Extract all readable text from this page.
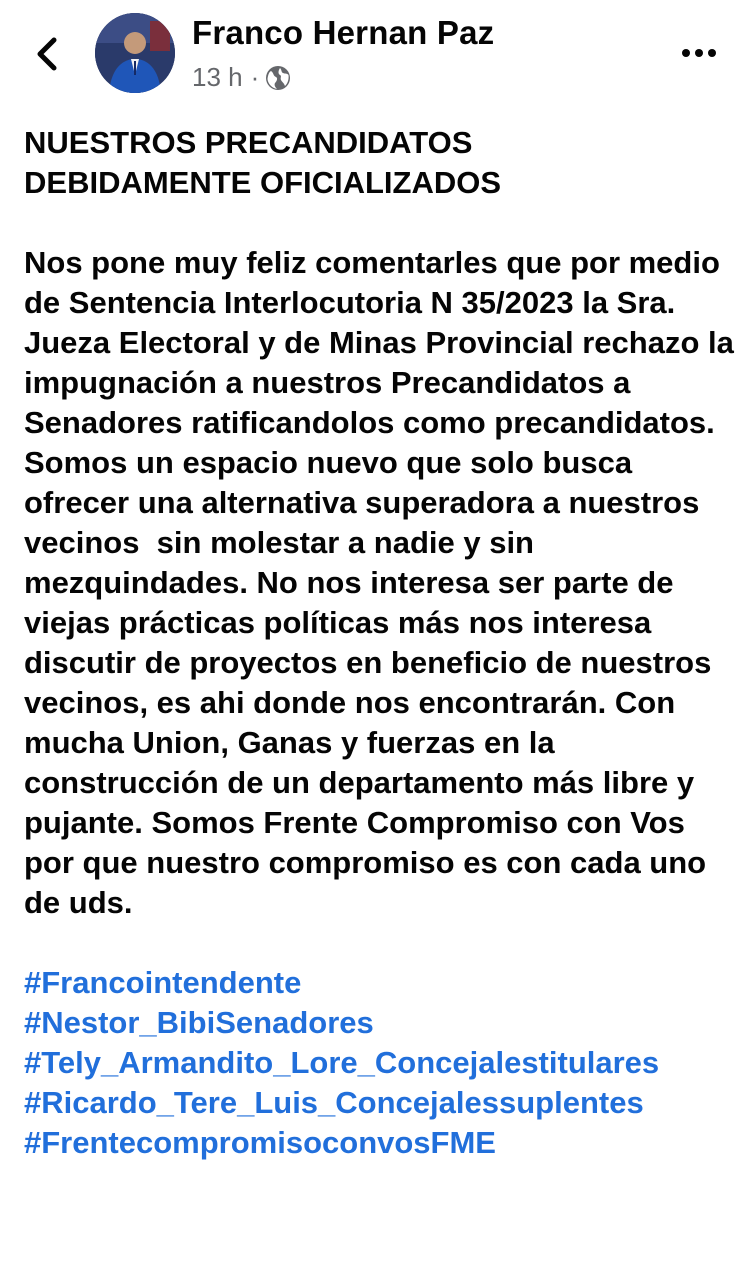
Franco Hernan Paz
13 h ·

NUESTROS PRECANDIDATOS DEBIDAMENTE OFICIALIZADOS

Nos pone muy feliz comentarles que por medio de Sentencia Interlocutoria N 35/2023 la Sra. Jueza Electoral y de Minas Provincial rechazo la impugnación a nuestros Precandidatos a Senadores ratificandolos como precandidatos. Somos un espacio nuevo que solo busca ofrecer una alternativa superadora a nuestros vecinos  sin molestar a nadie y sin mezquindades. No nos interesa ser parte de viejas prácticas políticas más nos interesa discutir de proyectos en beneficio de nuestros vecinos, es ahi donde nos encontrarán. Con mucha Union, Ganas y fuerzas en la construcción de un departamento más libre y pujante. Somos Frente Compromiso con Vos por que nuestro compromiso es con cada uno de uds.

#Francointendente
#Nestor_BibiSenadores
#Tely_Armandito_Lore_Concejalestitulares
#Ricardo_Tere_Luis_Concejalessuplentes
#FrentecompromisoconvosFME
